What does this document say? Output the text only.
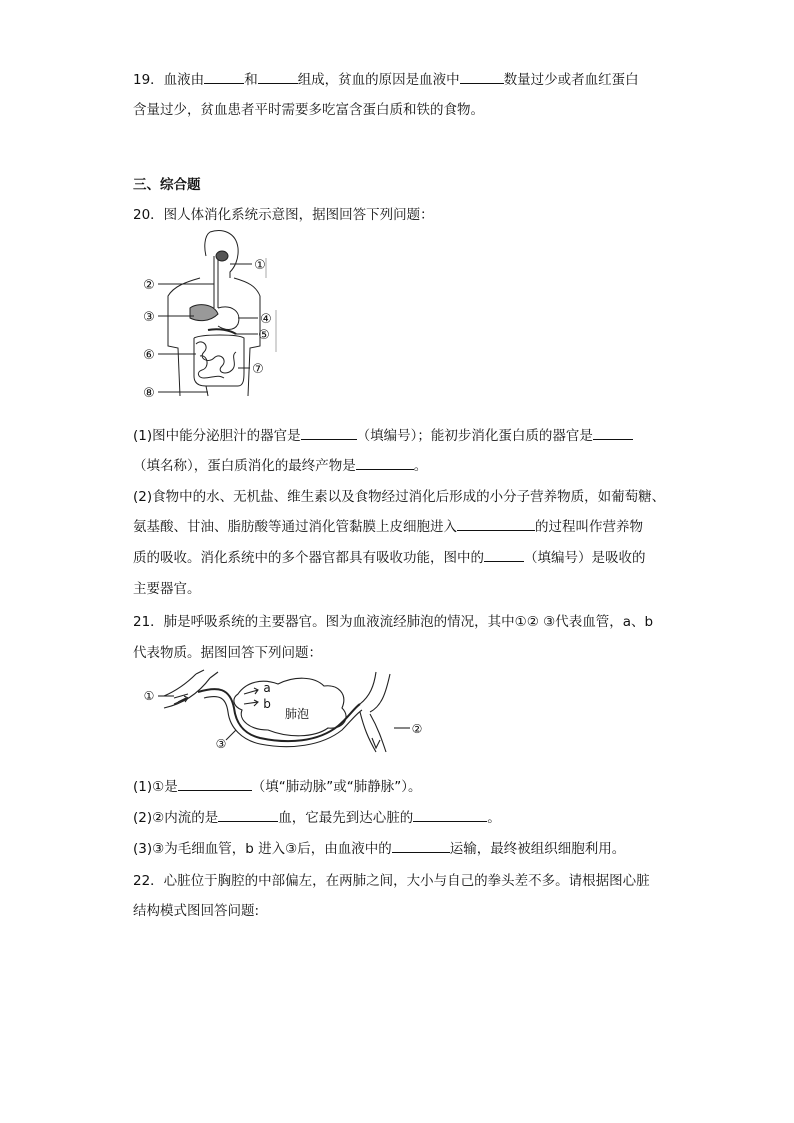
19．血液由	和	组成，贫血的原因是血液中	数量过少或者血红蛋白
含量过少，贫血患者平时需要多吃富含蛋白质和铁的食物。
三、综合题
20．图人体消化系统示意图，据图回答下列问题：
①
②
③	④
⑤
⑥
⑦
⑧
(1)图中能分泌胆汁的器官是	（填编号）；能初步消化蛋白质的器官是
（填名称），蛋白质消化的最终产物是	。
(2)食物中的水、无机盐、维生素以及食物经过消化后形成的小分子营养物质，如葡萄糖、
氨基酸、甘油、脂肪酸等通过消化管黏膜上皮细胞进入	的过程叫作营养物
质的吸收。消化系统中的多个器官都具有吸收功能，图中的	（填编号）是吸收的
主要器官。
21．肺是呼吸系统的主要器官。图为血液流经肺泡的情况，其中①② ③代表血管，a、b
代表物质。据图回答下列问题：
①
a
b
肺泡
③
②
(1)①是	（填“肺动脉”或“肺静脉”）。
(2)②内流的是	血，它最先到达心脏的	。
(3)③为毛细血管，b 进入③后，由血液中的	运输，最终被组织细胞利用。
22．心脏位于胸腔的中部偏左，在两肺之间，大小与自己的拳头差不多。请根据图心脏
结构模式图回答问题:
